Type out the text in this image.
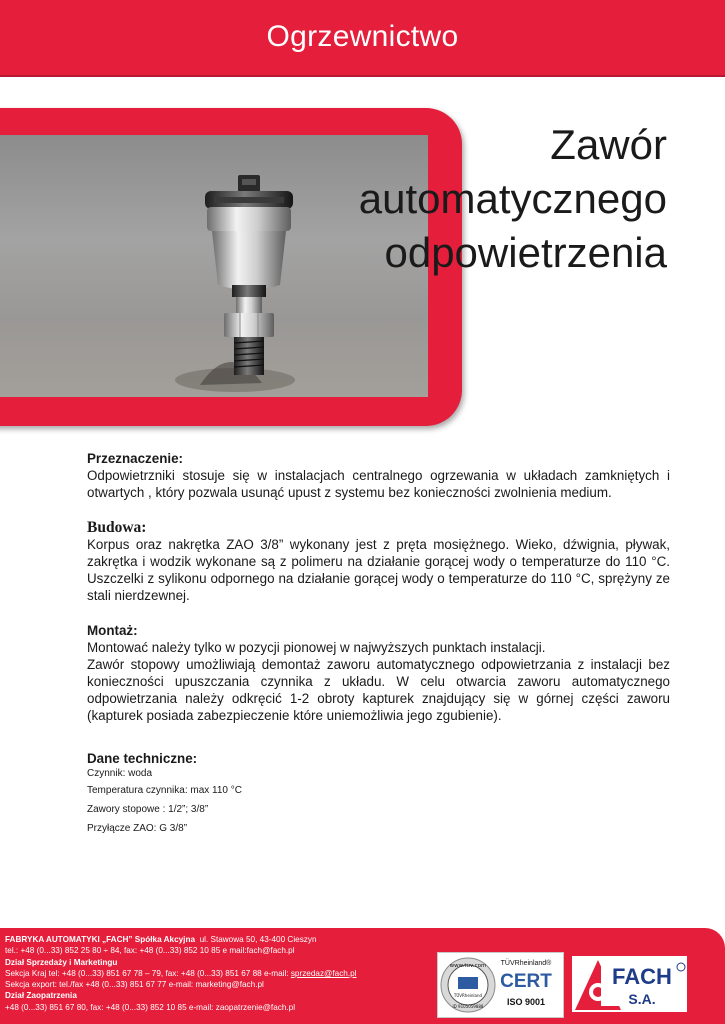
Ogrzewnictwo
Zawór
automatycznego
odpowietrzenia

Przeznaczenie:

Odpowietrzniki stosuje się w instalacjach centralnego ogrzewania w układach zamkniętych i otwartych , który pozwala usunąć upust z systemu bez konieczności zwolnienia medium.

Budowa:

Korpus oraz nakrętka ZAO 3/8” wykonany jest z pręta mosiężnego. Wieko, dźwignia, pływak, zakrętka i wodzik wykonane są z polimeru na działanie gorącej wody o temperaturze do 110 °C. Uszczelki z sylikonu odpornego na działanie gorącej wody o temperaturze do 110 °C, sprężyny ze stali nierdzewnej.

Montaż:

Montować należy tylko w pozycji pionowej w najwyższych punktach instalacji.

Zawór stopowy umożliwiają demontaż zaworu automatycznego odpowietrzania z instalacji bez konieczności upuszczania czynnika z układu. W celu otwarcia zaworu automatycznego odpowietrzania należy odkręcić 1-2 obroty kapturek znajdujący się w górnej części zaworu (kapturek posiada zabezpieczenie które uniemożliwia jego zgubienie).

Dane techniczne:

Czynnik: woda

Temperatura czynnika: max 110 °C

Zawory stopowe : 1/2”; 3/8”

Przyłącze ZAO: G 3/8”

FABRYKA AUTOMATYKI „FACH” Spółka Akcyjna ul. Stawowa 50, 43-400 Cieszyn
tel.: +48 (0...33) 852 25 80 ÷ 84, fax: +48 (0...33) 852 10 85 e mail:fach@fach.pl
Dział Sprzedaży i Marketingu
Sekcja Kraj tel: +48 (0...33) 851 67 78 – 79, fax: +48 (0...33) 851 67 88 e-mail: sprzedaz@fach.pl
Sekcja export: tel./fax +48 (0...33) 851 67 77 e-mail: marketing@fach.pl
Dział Zaopatrzenia
+48 (0...33) 851 67 80, fax: +48 (0...33) 852 10 85 e-mail: zaopatrzenie@fach.pl
www.tuv.com
TÜVRheinland
ID 9105059888
TÜVRheinland®
CERT
ISO 9001
FACH
S.A.
